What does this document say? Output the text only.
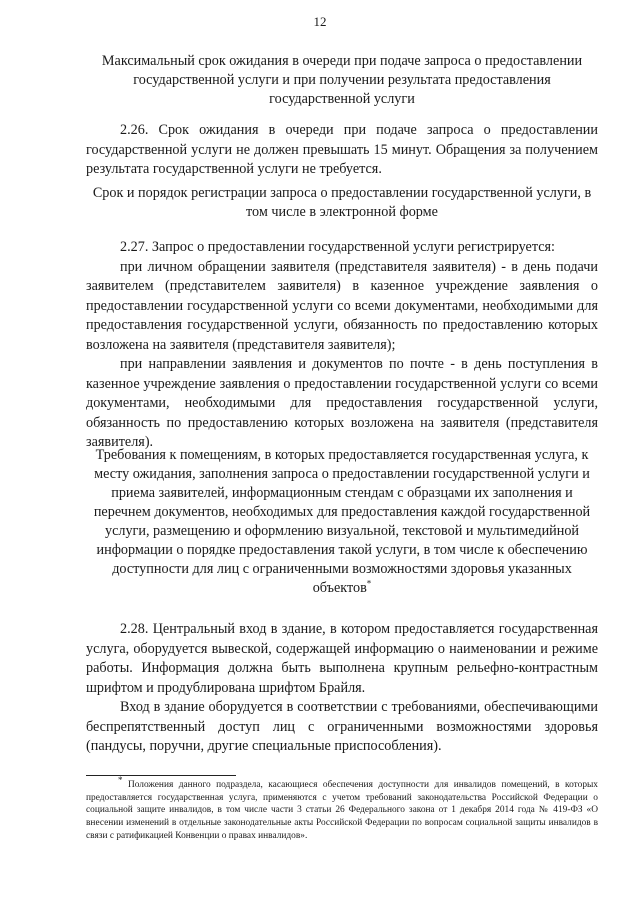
12
Максимальный срок ожидания в очереди при подаче запроса о предоставлении государственной услуги и при получении результата предоставления государственной услуги

2.26. Срок ожидания в очереди при подаче запроса о предоставлении государственной услуги не должен превышать 15 минут. Обращения за получением результата государственной услуги не требуется.

Срок и порядок регистрации запроса о предоставлении государственной услуги, в том числе в электронной форме

2.27. Запрос о предоставлении государственной услуги регистрируется:

при личном обращении заявителя (представителя заявителя) - в день подачи заявителем (представителем заявителя) в казенное учреждение заявления о предоставлении государственной услуги со всеми документами, необходимыми для предоставления государственной услуги, обязанность по предоставлению которых возложена на заявителя (представителя заявителя);

при направлении заявления и документов по почте - в день поступления в казенное учреждение заявления о предоставлении государственной услуги со всеми документами, необходимыми для предоставления государственной услуги, обязанность по предоставлению которых возложена на заявителя (представителя заявителя).

Требования к помещениям, в которых предоставляется государственная услуга, к месту ожидания, заполнения запроса о предоставлении государственной услуги и приема заявителей, информационным стендам с образцами их заполнения и перечнем документов, необходимых для предоставления каждой государственной услуги, размещению и оформлению визуальной, текстовой и мультимедийной информации о порядке предоставления такой услуги, в том числе к обеспечению доступности для лиц с ограниченными возможностями здоровья указанных объектов*

2.28. Центральный вход в здание, в котором предоставляется государственная услуга, оборудуется вывеской, содержащей информацию о наименовании и режиме работы. Информация должна быть выполнена крупным рельефно-контрастным шрифтом и продублирована шрифтом Брайля.

Вход в здание оборудуется в соответствии с требованиями, обеспечивающими беспрепятственный доступ лиц с ограниченными возможностями здоровья (пандусы, поручни, другие специальные приспособления).

* Положения данного подраздела, касающиеся обеспечения доступности для инвалидов помещений, в которых предоставляется государственная услуга, применяются с учетом требований законодательства Российской Федерации о социальной защите инвалидов, в том числе части 3 статьи 26 Федерального закона от 1 декабря 2014 года № 419-ФЗ «О внесении изменений в отдельные законодательные акты Российской Федерации по вопросам социальной защиты инвалидов в связи с ратификацией Конвенции о правах инвалидов».
